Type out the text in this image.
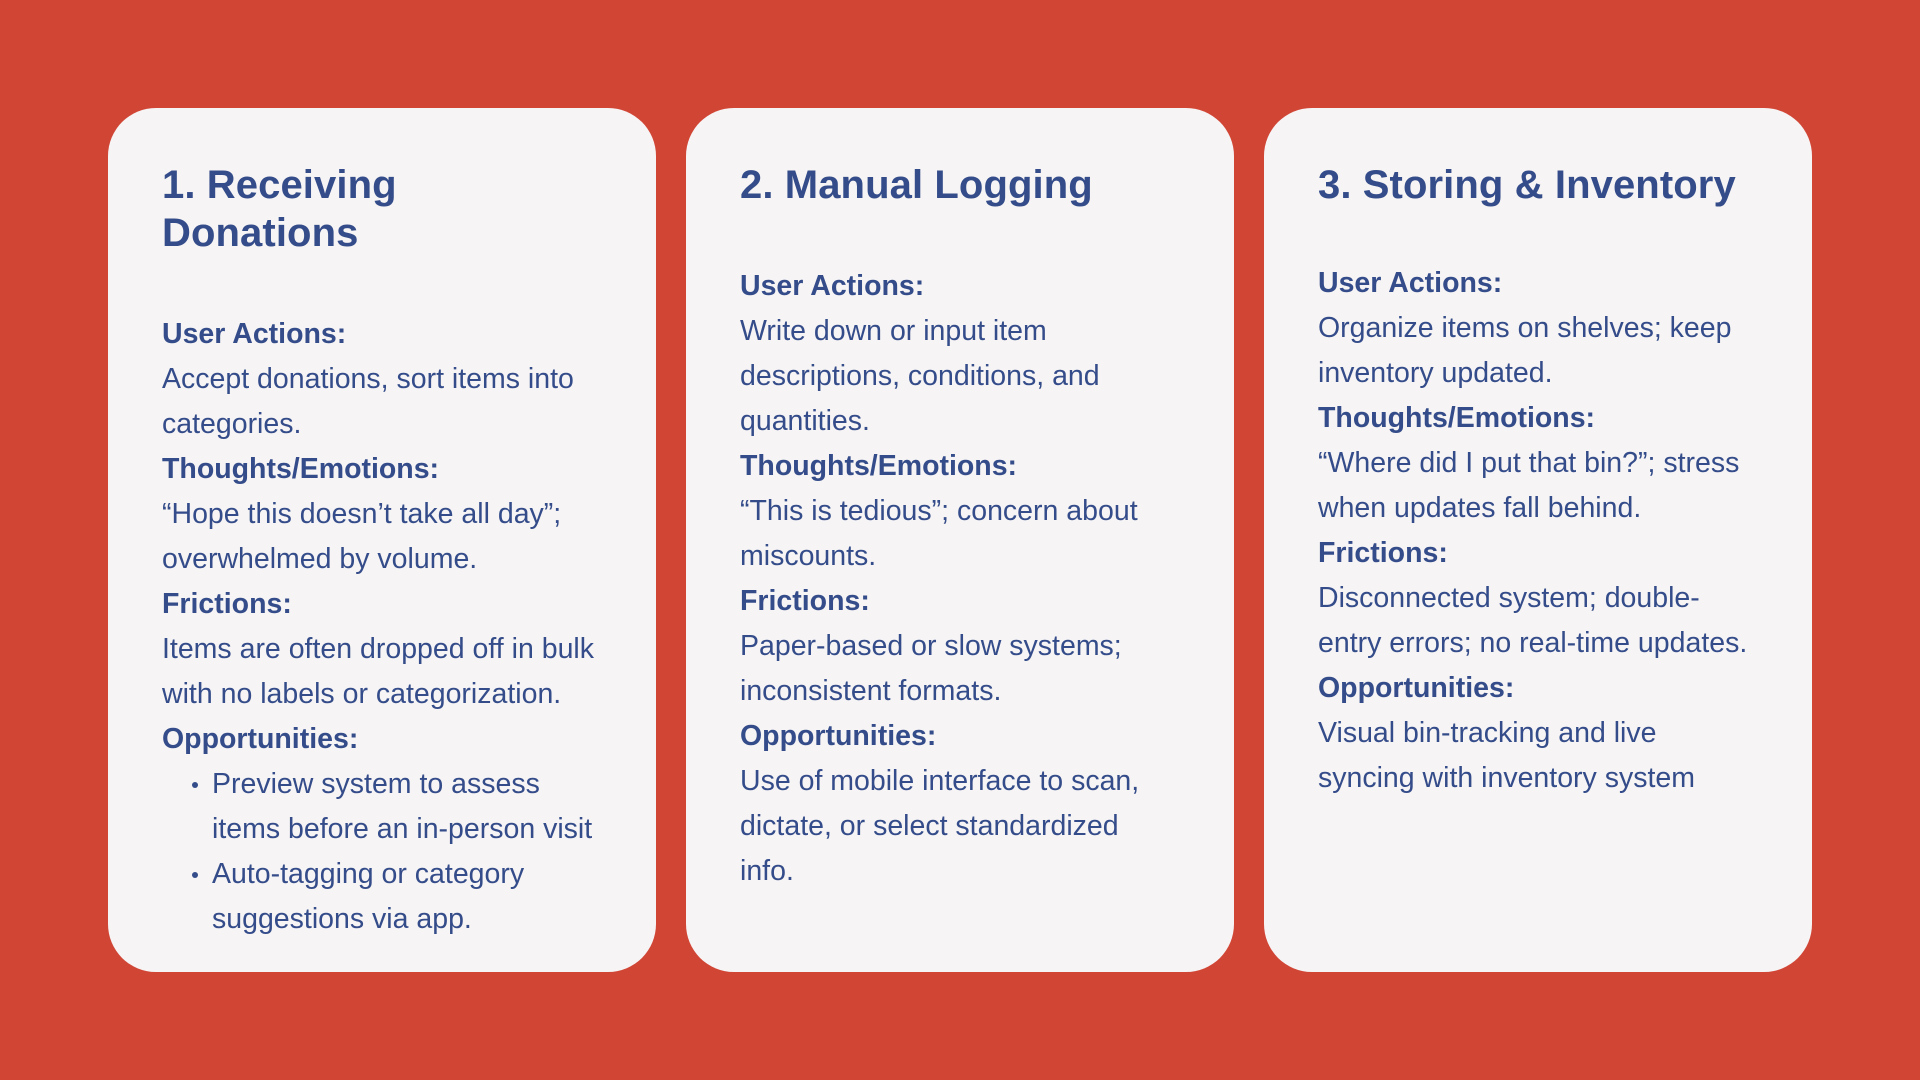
1. Receiving Donations
User Actions:
Accept donations, sort items into categories.
Thoughts/Emotions:
“Hope this doesn’t take all day”; overwhelmed by volume.
Frictions:
Items are often dropped off in bulk with no labels or categorization.
Opportunities:
Preview system to assess items before an in-person visit
Auto-tagging or category suggestions via app.
2. Manual Logging
User Actions:
Write down or input item descriptions, conditions, and quantities.
Thoughts/Emotions:
“This is tedious”; concern about miscounts.
Frictions:
Paper-based or slow systems; inconsistent formats.
Opportunities:
Use of mobile interface to scan, dictate, or select standardized info.
3. Storing & Inventory
User Actions:
Organize items on shelves; keep inventory updated.
Thoughts/Emotions:
“Where did I put that bin?”; stress when updates fall behind.
Frictions:
Disconnected system; double-entry errors; no real-time updates.
Opportunities:
Visual bin-tracking and live syncing with inventory system
